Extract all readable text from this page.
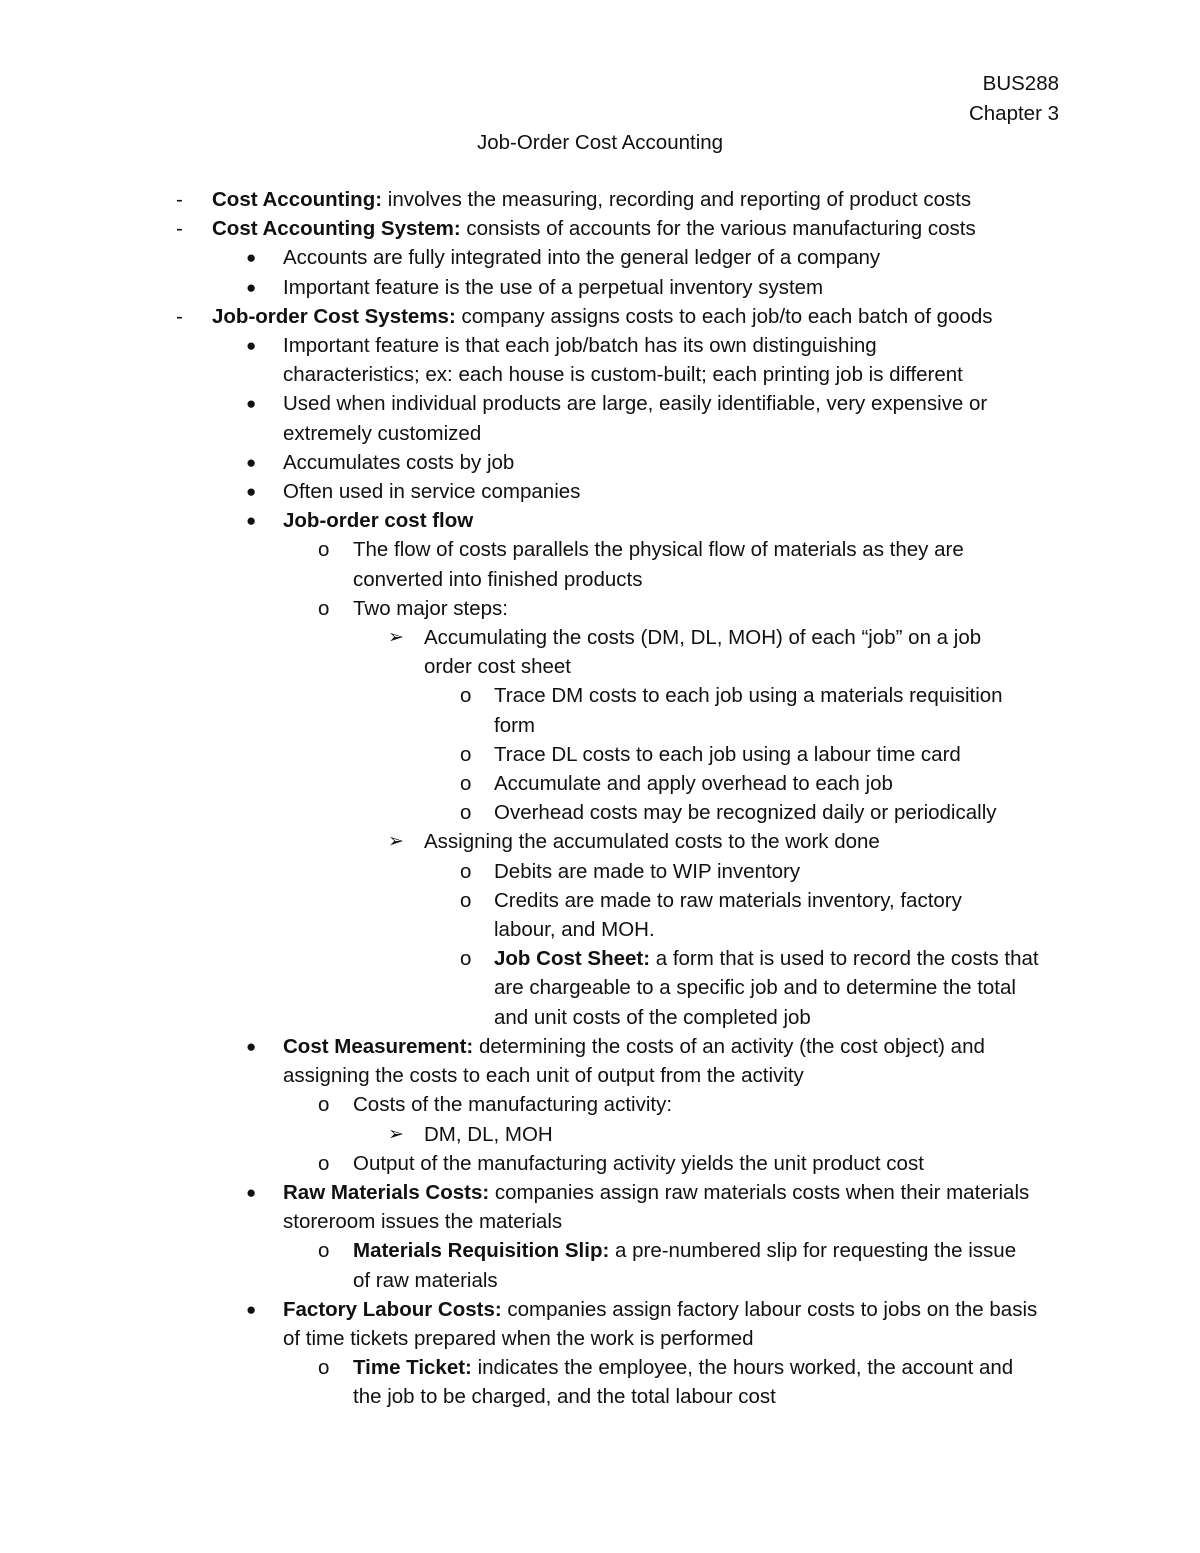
BUS288
Chapter 3
Job-Order Cost Accounting
- Cost Accounting: involves the measuring, recording and reporting of product costs
- Cost Accounting System: consists of accounts for the various manufacturing costs
● Accounts are fully integrated into the general ledger of a company
● Important feature is the use of a perpetual inventory system
- Job-order Cost Systems: company assigns costs to each job/to each batch of goods
● Important feature is that each job/batch has its own distinguishing
characteristics; ex: each house is custom-built; each printing job is different
● Used when individual products are large, easily identifiable, very expensive or
extremely customized
● Accumulates costs by job
● Often used in service companies
● Job-order cost flow
o The flow of costs parallels the physical flow of materials as they are
converted into finished products
o Two major steps:
➢ Accumulating the costs (DM, DL, MOH) of each “job” on a job
order cost sheet
o Trace DM costs to each job using a materials requisition
form
o Trace DL costs to each job using a labour time card
o Accumulate and apply overhead to each job
o Overhead costs may be recognized daily or periodically
➢ Assigning the accumulated costs to the work done
o Debits are made to WIP inventory
o Credits are made to raw materials inventory, factory
labour, and MOH.
o Job Cost Sheet: a form that is used to record the costs that
are chargeable to a specific job and to determine the total
and unit costs of the completed job
● Cost Measurement: determining the costs of an activity (the cost object) and
assigning the costs to each unit of output from the activity
o Costs of the manufacturing activity:
➢ DM, DL, MOH
o Output of the manufacturing activity yields the unit product cost
● Raw Materials Costs: companies assign raw materials costs when their materials
storeroom issues the materials
o Materials Requisition Slip: a pre-numbered slip for requesting the issue
of raw materials
● Factory Labour Costs: companies assign factory labour costs to jobs on the basis
of time tickets prepared when the work is performed
o Time Ticket: indicates the employee, the hours worked, the account and
the job to be charged, and the total labour cost
